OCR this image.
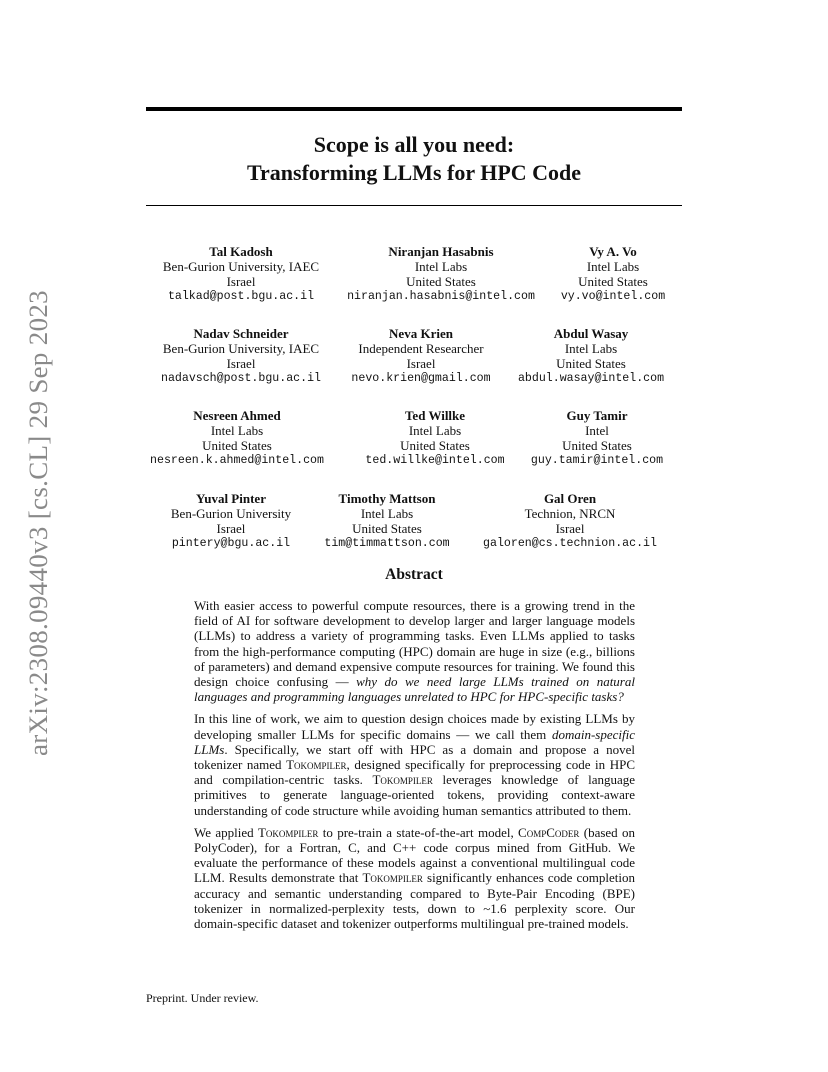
arXiv:2308.09440v3 [cs.CL] 29 Sep 2023
Scope is all you need:
Transforming LLMs for HPC Code
Tal Kadosh
Ben-Gurion University, IAEC
Israel
talkad@post.bgu.ac.il
Niranjan Hasabnis
Intel Labs
United States
niranjan.hasabnis@intel.com
Vy A. Vo
Intel Labs
United States
vy.vo@intel.com
Nadav Schneider
Ben-Gurion University, IAEC
Israel
nadavsch@post.bgu.ac.il
Neva Krien
Independent Researcher
Israel
nevo.krien@gmail.com
Abdul Wasay
Intel Labs
United States
abdul.wasay@intel.com
Nesreen Ahmed
Intel Labs
United States
nesreen.k.ahmed@intel.com
Ted Willke
Intel Labs
United States
ted.willke@intel.com
Guy Tamir
Intel
United States
guy.tamir@intel.com
Yuval Pinter
Ben-Gurion University
Israel
pintery@bgu.ac.il
Timothy Mattson
Intel Labs
United States
tim@timmattson.com
Gal Oren
Technion, NRCN
Israel
galoren@cs.technion.ac.il
Abstract

With easier access to powerful compute resources, there is a growing trend in the field of AI for software development to develop larger and larger language models (LLMs) to address a variety of programming tasks. Even LLMs applied to tasks from the high-performance computing (HPC) domain are huge in size (e.g., billions of parameters) and demand expensive compute resources for training. We found this design choice confusing — why do we need large LLMs trained on natural languages and programming languages unrelated to HPC for HPC-specific tasks?

In this line of work, we aim to question design choices made by existing LLMs by developing smaller LLMs for specific domains — we call them domain-specific LLMs. Specifically, we start off with HPC as a domain and propose a novel tokenizer named Tokompiler, designed specifically for preprocessing code in HPC and compilation-centric tasks. Tokompiler leverages knowledge of language primitives to generate language-oriented tokens, providing context-aware understanding of code structure while avoiding human semantics attributed to them.

We applied Tokompiler to pre-train a state-of-the-art model, CompCoder (based on PolyCoder), for a Fortran, C, and C++ code corpus mined from GitHub. We evaluate the performance of these models against a conventional multilingual code LLM. Results demonstrate that Tokompiler significantly enhances code completion accuracy and semantic understanding compared to Byte-Pair Encoding (BPE) tokenizer in normalized-perplexity tests, down to ~1.6 perplexity score. Our domain-specific dataset and tokenizer outperforms multilingual pre-trained models.

Preprint. Under review.
